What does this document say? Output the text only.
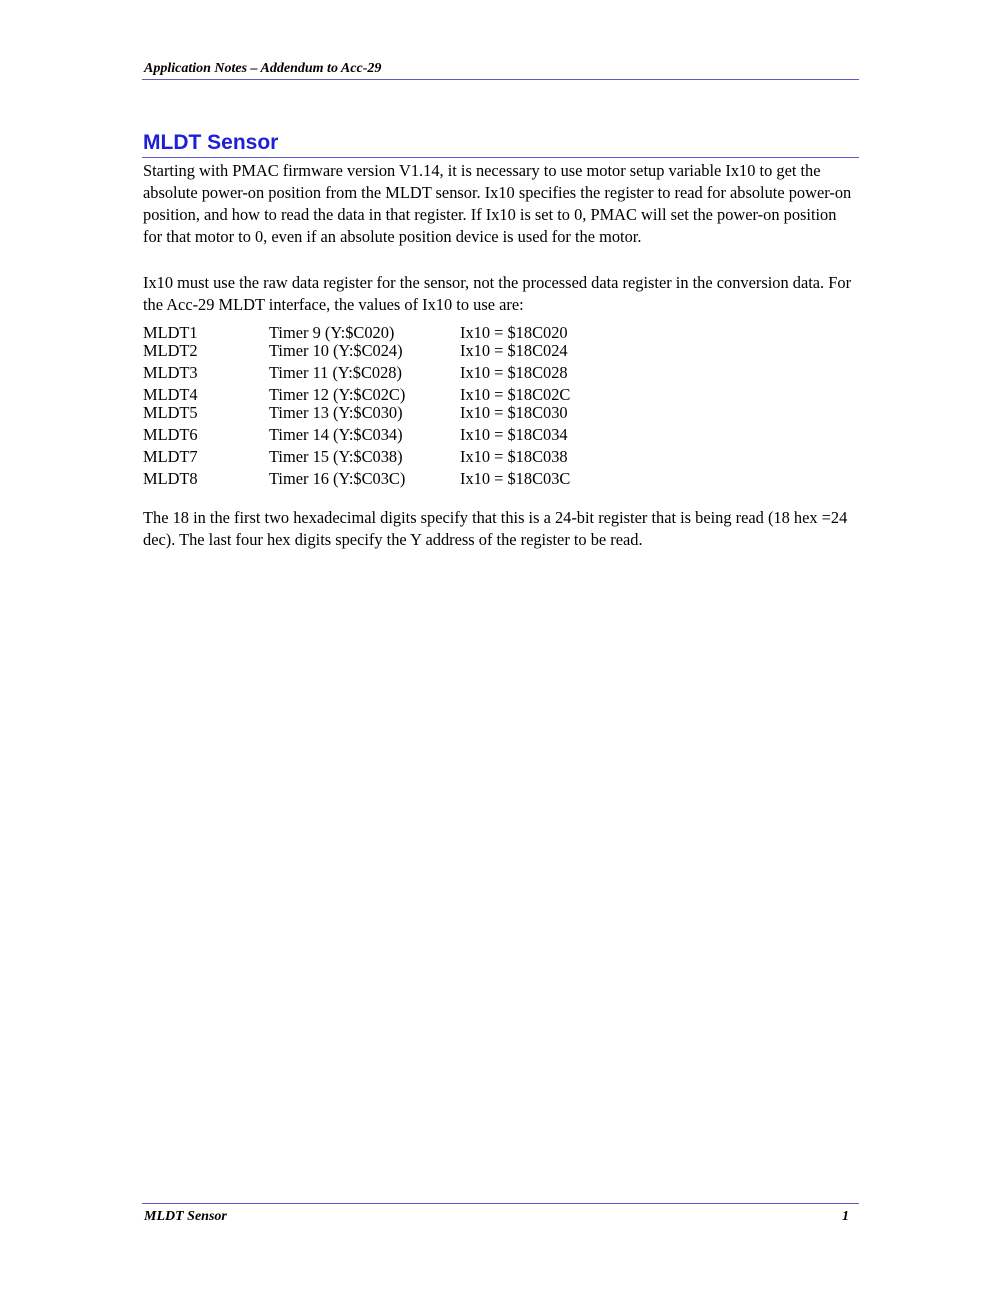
Application Notes – Addendum to Acc-29
MLDT Sensor

Starting with PMAC firmware version V1.14, it is necessary to use motor setup variable Ix10 to get the absolute power-on position from the MLDT sensor. Ix10 specifies the register to read for absolute power-on position, and how to read the data in that register. If Ix10 is set to 0, PMAC will set the power-on position for that motor to 0, even if an absolute position device is used for the motor.

Ix10 must use the raw data register for the sensor, not the processed data register in the conversion data. For the Acc-29 MLDT interface, the values of Ix10 to use are:

MLDT1	Timer 9 (Y:$C020)	Ix10 = $18C020
MLDT2	Timer 10 (Y:$C024)	Ix10 = $18C024
MLDT3	Timer 11 (Y:$C028)	Ix10 = $18C028
MLDT4	Timer 12 (Y:$C02C)	Ix10 = $18C02C
MLDT5	Timer 13 (Y:$C030)	Ix10 = $18C030
MLDT6	Timer 14 (Y:$C034)	Ix10 = $18C034
MLDT7	Timer 15 (Y:$C038)	Ix10 = $18C038
MLDT8	Timer 16 (Y:$C03C)	Ix10 = $18C03C

The 18 in the first two hexadecimal digits specify that this is a 24-bit register that is being read (18 hex =24 dec). The last four hex digits specify the Y address of the register to be read.

MLDT Sensor	1
